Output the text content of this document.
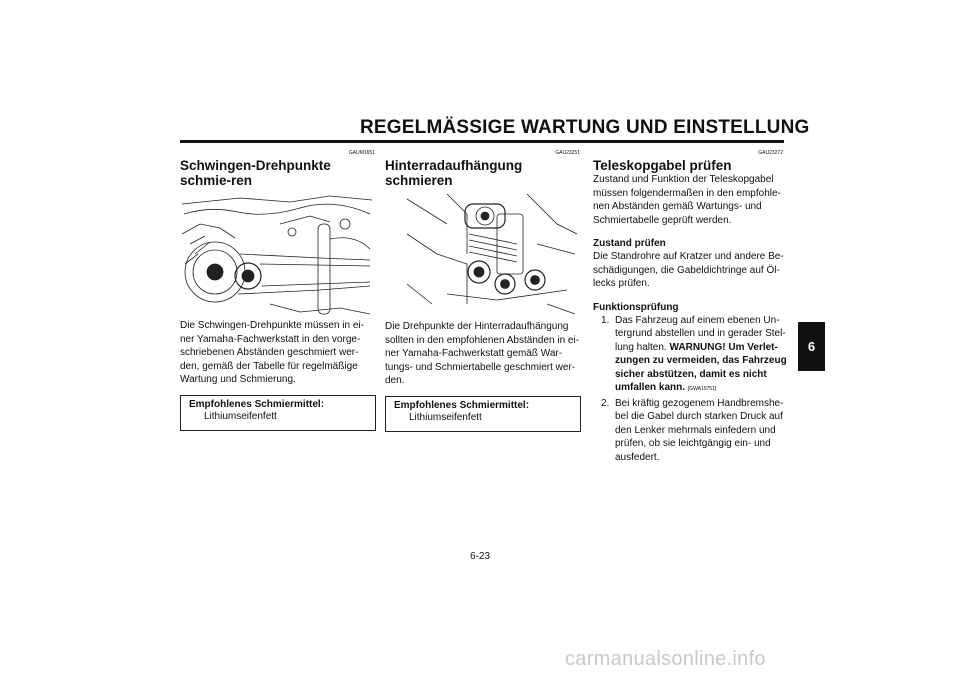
REGELMÄSSIGE WARTUNG UND EINSTELLUNG
GAUM1651
Schwingen-Drehpunkte schmie-ren

Die Schwingen-Drehpunkte müssen in ei-ner Yamaha-Fachwerkstatt in den vorge-schriebenen Abständen geschmiert wer-den, gemäß der Tabelle für regelmäßige Wartung und Schmierung.

Empfohlenes Schmiermittel:
Lithiumseifenfett
GAU23251
Hinterradaufhängung schmieren

Die Drehpunkte der Hinterradaufhängung sollten in den empfohlenen Abständen in ei-ner Yamaha-Fachwerkstatt gemäß War-tungs- und Schmiertabelle geschmiert wer-den.

Empfohlenes Schmiermittel:
Lithiumseifenfett
GAU23272
Teleskopgabel prüfen

Zustand und Funktion der Teleskopgabel müssen folgendermaßen in den empfohle-nen Abständen gemäß Wartungs- und Schmiertabelle geprüft werden.

Zustand prüfen

Die Standrohre auf Kratzer und andere Be-schädigungen, die Gabeldichtringe auf Öl-lecks prüfen.

Funktionsprüfung
1. Das Fahrzeug auf einem ebenen Un-tergrund abstellen und in gerader Stel-lung halten. WARNUNG! Um Verlet-zungen zu vermeiden, das Fahrzeug sicher abstützen, damit es nicht umfallen kann. [GWA10751]
2. Bei kräftig gezogenem Handbremshe-bel die Gabel durch starken Druck auf den Lenker mehrmals einfedern und prüfen, ob sie leichtgängig ein- und ausfedert.
6
6-23
carmanualsonline.info
